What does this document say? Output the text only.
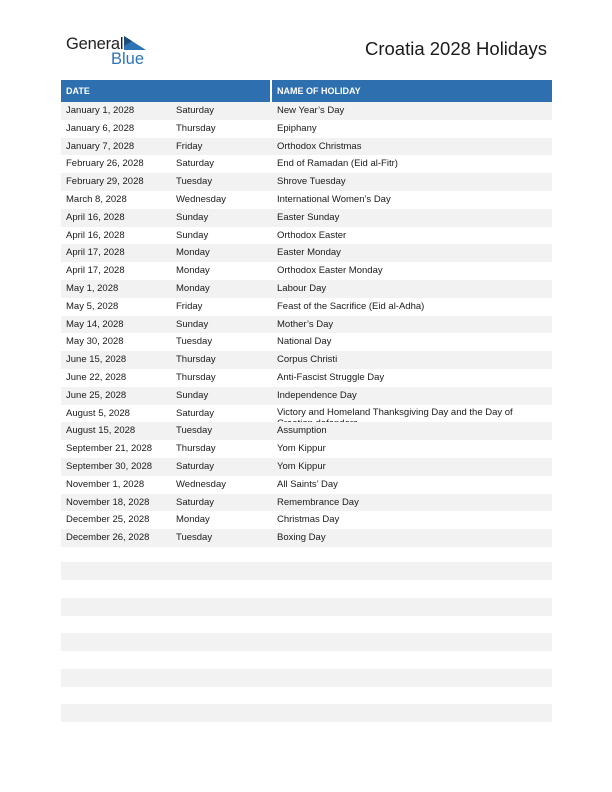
General
Blue	Croatia 2028 Holidays
DATE	NAME OF HOLIDAY
January 1, 2028	Saturday	New Year’s Day
January 6, 2028	Thursday	Epiphany
January 7, 2028	Friday	Orthodox Christmas
February 26, 2028	Saturday	End of Ramadan (Eid al-Fitr)
February 29, 2028	Tuesday	Shrove Tuesday
March 8, 2028	Wednesday	International Women’s Day
April 16, 2028	Sunday	Easter Sunday
April 16, 2028	Sunday	Orthodox Easter
April 17, 2028	Monday	Easter Monday
April 17, 2028	Monday	Orthodox Easter Monday
May 1, 2028	Monday	Labour Day
May 5, 2028	Friday	Feast of the Sacrifice (Eid al-Adha)
May 14, 2028	Sunday	Mother’s Day
May 30, 2028	Tuesday	National Day
June 15, 2028	Thursday	Corpus Christi
June 22, 2028	Thursday	Anti-Fascist Struggle Day
June 25, 2028	Sunday	Independence Day
August 5, 2028	Saturday	Victory and Homeland Thanksgiving Day and the Day of
August 15, 2028	Tuesday	Assumption
September 21, 2028	Thursday	Yom Kippur
September 30, 2028	Saturday	Yom Kippur
November 1, 2028	Wednesday	All Saints’ Day
November 18, 2028	Saturday	Remembrance Day
December 25, 2028	Monday	Christmas Day
December 26, 2028	Tuesday	Boxing Day
